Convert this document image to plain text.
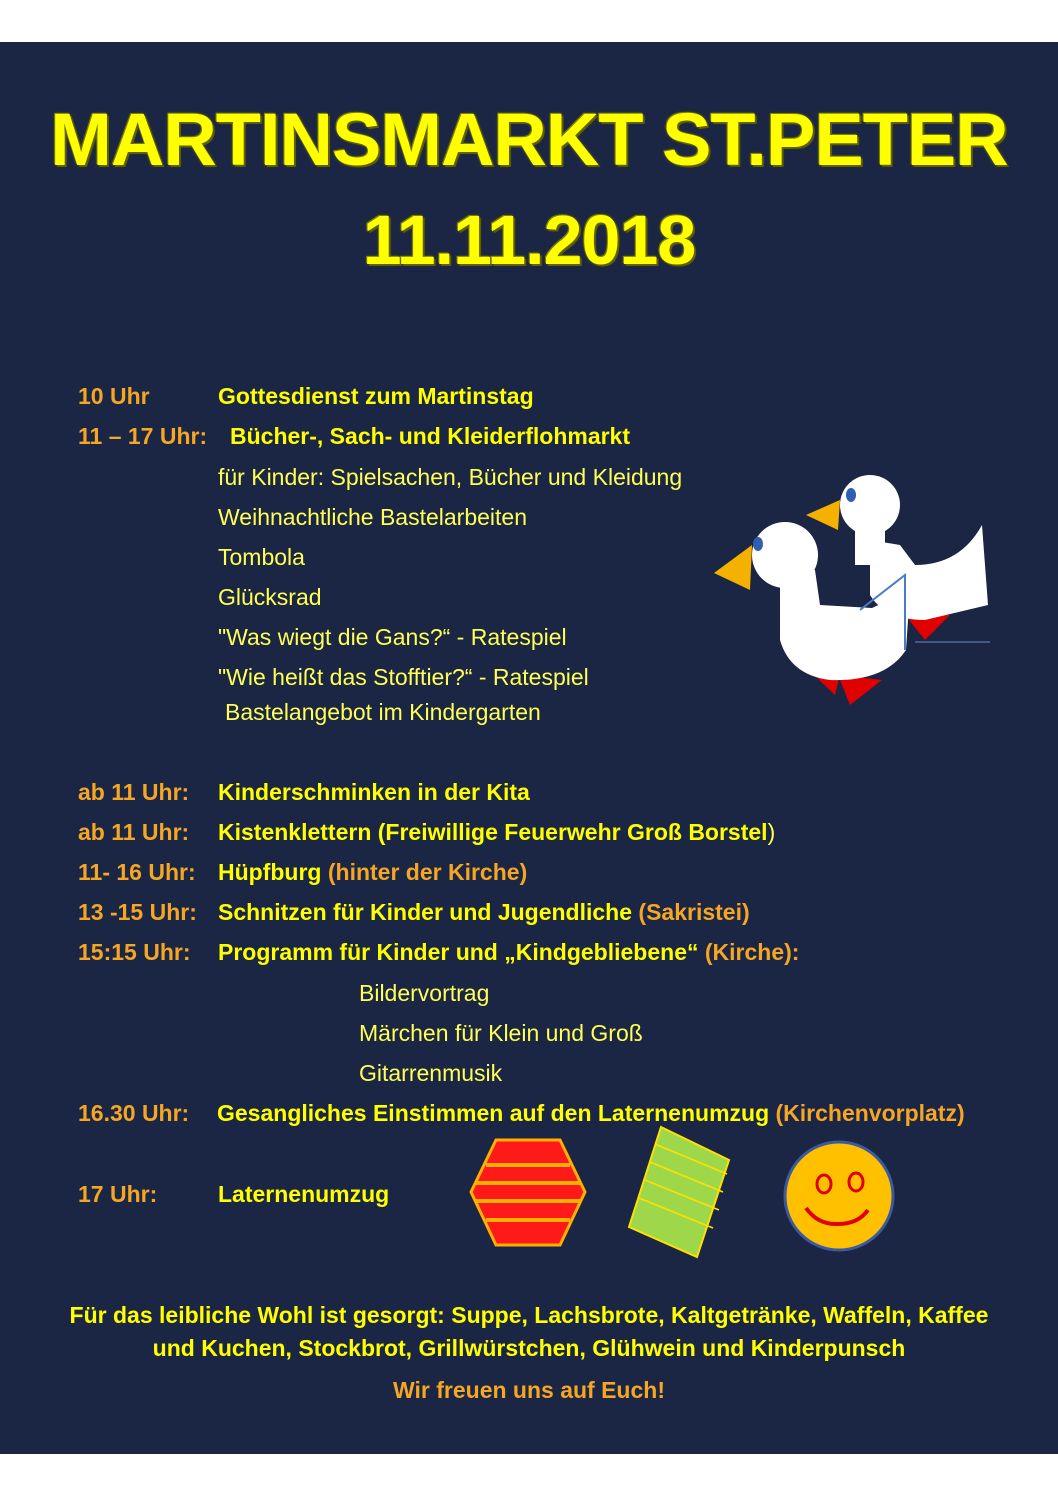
MARTINSMARKT ST.PETER
11.11.2018
10 Uhr	Gottesdienst zum Martinstag
11 – 17 Uhr: Bücher-, Sach- und Kleiderflohmarkt
für Kinder: Spielsachen, Bücher und Kleidung
Weihnachtliche Bastelarbeiten
Tombola
Glücksrad
"Was wiegt die Gans?“ - Ratespiel
"Wie heißt das Stofftier?“ - Ratespiel
Bastelangebot im Kindergarten
ab 11 Uhr: Kinderschminken in der Kita
ab 11 Uhr: Kistenklettern (Freiwillige Feuerwehr Groß Borstel)
11- 16 Uhr: Hüpfburg (hinter der Kirche)
13 -15 Uhr: Schnitzen für Kinder und Jugendliche (Sakristei)
15:15 Uhr: Programm für Kinder und „Kindgebliebene“ (Kirche):
Bildervortrag
Märchen für Klein und Groß
Gitarrenmusik
16.30 Uhr: Gesangliches Einstimmen auf den Laternenumzug (Kirchenvorplatz)
17 Uhr:	Laternenumzug
Für das leibliche Wohl ist gesorgt: Suppe, Lachsbrote, Kaltgetränke, Waffeln, Kaffee
und Kuchen, Stockbrot, Grillwürstchen, Glühwein und Kinderpunsch
Wir freuen uns auf Euch!
